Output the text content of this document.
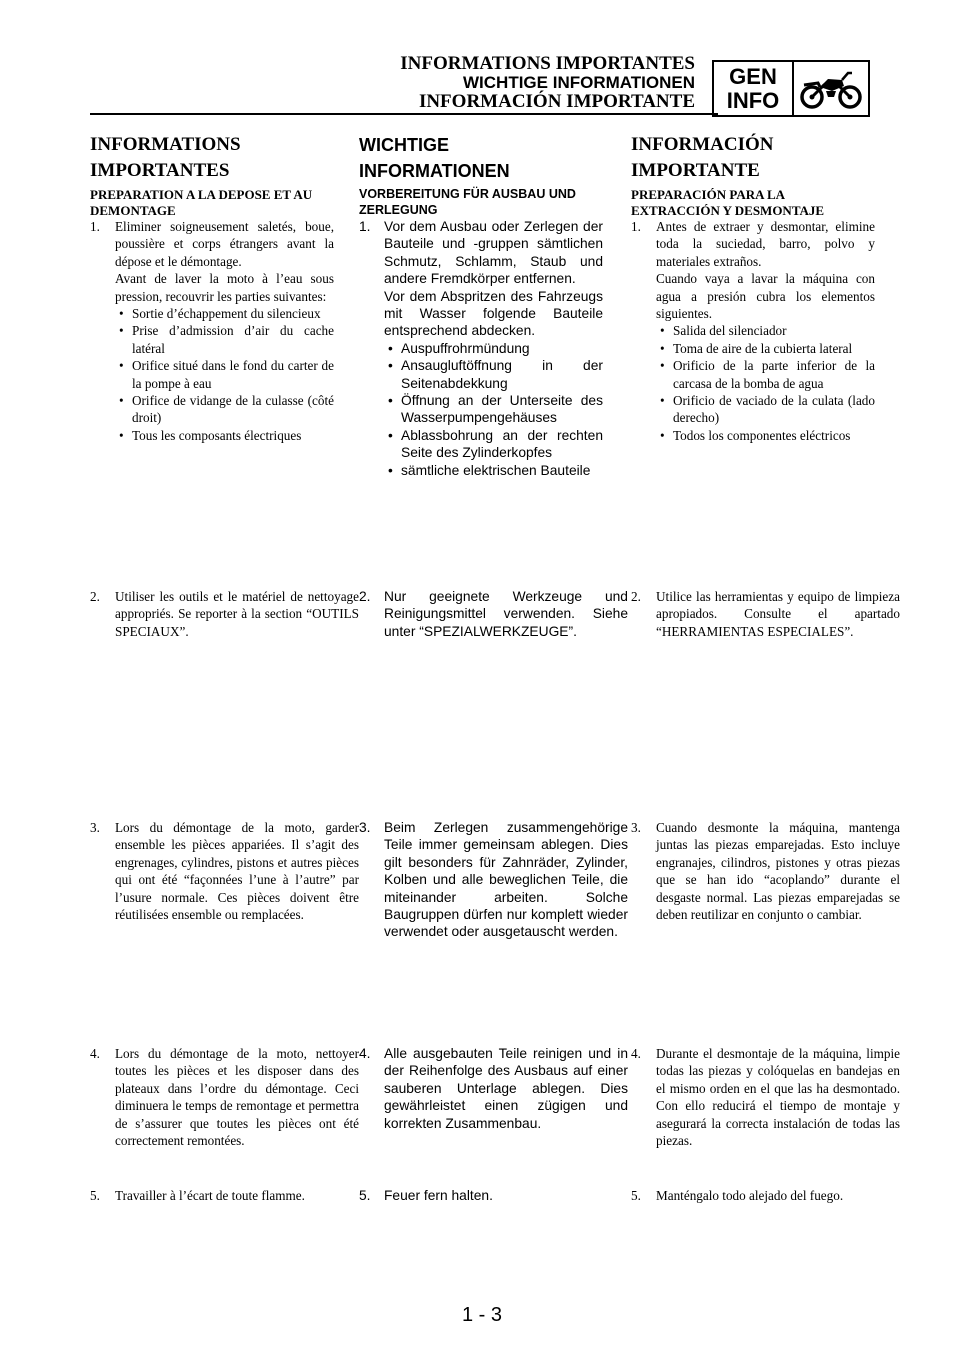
INFORMATIONS IMPORTANTES
WICHTIGE INFORMATIONEN
INFORMACIÓN IMPORTANTE
GEN
INFO

INFORMATIONS

IMPORTANTES

PREPARATION A LA DEPOSE ET AU DEMONTAGE

1. Eliminer soigneusement saletés, boue, poussière et corps étrangers avant la dépose et le démontage.
Avant de laver la moto à l’eau sous pression, recouvrir les parties suivantes:
• Sortie d’échappement du silencieux
• Prise d’admission d’air du cache latéral
• Orifice situé dans le fond du carter de la pompe à eau
• Orifice de vidange de la culasse (côté droit)
• Tous les composants électriques
2. Utiliser les outils et le matériel de nettoyage appropriés. Se reporter à la section “OUTILS SPECIAUX”.
3. Lors du démontage de la moto, garder ensemble les pièces appariées. Il s’agit des engrenages, cylindres, pistons et autres pièces qui ont été “façonnées l’une à l’autre” par l’usure normale. Ces pièces doivent être réutilisées ensemble ou remplacées.
4. Lors du démontage de la moto, nettoyer toutes les pièces et les disposer dans des plateaux dans l’ordre du démontage. Ceci diminuera le temps de remontage et permettra de s’assurer que toutes les pièces ont été correctement remontées.
5. Travailler à l’écart de toute flamme.

WICHTIGE

INFORMATIONEN

VORBEREITUNG FÜR AUSBAU UND ZERLEGUNG

1. Vor dem Ausbau oder Zerlegen der Bauteile und -gruppen sämtlichen Schmutz, Schlamm, Staub und andere Fremdkörper entfernen.
Vor dem Abspritzen des Fahrzeugs mit Wasser folgende Bauteile entsprechend abdecken.
• Auspuffrohrmündung
• Ansaugluftöffnung in der Seitenabdekkung
• Öffnung an der Unterseite des Wasserpumpengehäuses
• Ablassbohrung an der rechten Seite des Zylinderkopfes
• sämtliche elektrischen Bauteile
2. Nur geeignete Werkzeuge und Reinigungsmittel verwenden. Siehe unter “SPEZIALWERKZEUGE”.
3. Beim Zerlegen zusammengehörige Teile immer gemeinsam ablegen. Dies gilt besonders für Zahnräder, Zylinder, Kolben und alle beweglichen Teile, die miteinander arbeiten. Solche Baugruppen dürfen nur komplett wieder verwendet oder ausgetauscht werden.
4. Alle ausgebauten Teile reinigen und in der Reihenfolge des Ausbaus auf einer sauberen Unterlage ablegen. Dies gewährleistet einen zügigen und korrekten Zusammenbau.
5. Feuer fern halten.

INFORMACIÓN

IMPORTANTE

PREPARACIÓN PARA LA EXTRACCIÓN Y DESMONTAJE

1. Antes de extraer y desmontar, elimine toda la suciedad, barro, polvo y materiales extraños.
Cuando vaya a lavar la máquina con agua a presión cubra los elementos siguientes.
• Salida del silenciador
• Toma de aire de la cubierta lateral
• Orificio de la parte inferior de la carcasa de la bomba de agua
• Orificio de vaciado de la culata (lado derecho)
• Todos los componentes eléctricos
2. Utilice las herramientas y equipo de limpieza apropiados. Consulte el apartado “HERRAMIENTAS ESPECIALES”.
3. Cuando desmonte la máquina, mantenga juntas las piezas emparejadas. Esto incluye engranajes, cilindros, pistones y otras piezas que se han ido “acoplando” durante el desgaste normal. Las piezas emparejadas se deben reutilizar en conjunto o cambiar.
4. Durante el desmontaje de la máquina, limpie todas las piezas y colóquelas en bandejas en el mismo orden en el que las ha desmontado. Con ello reducirá el tiempo de montaje y asegurará la correcta instalación de todas las piezas.
5. Manténgalo todo alejado del fuego.
1 - 3
